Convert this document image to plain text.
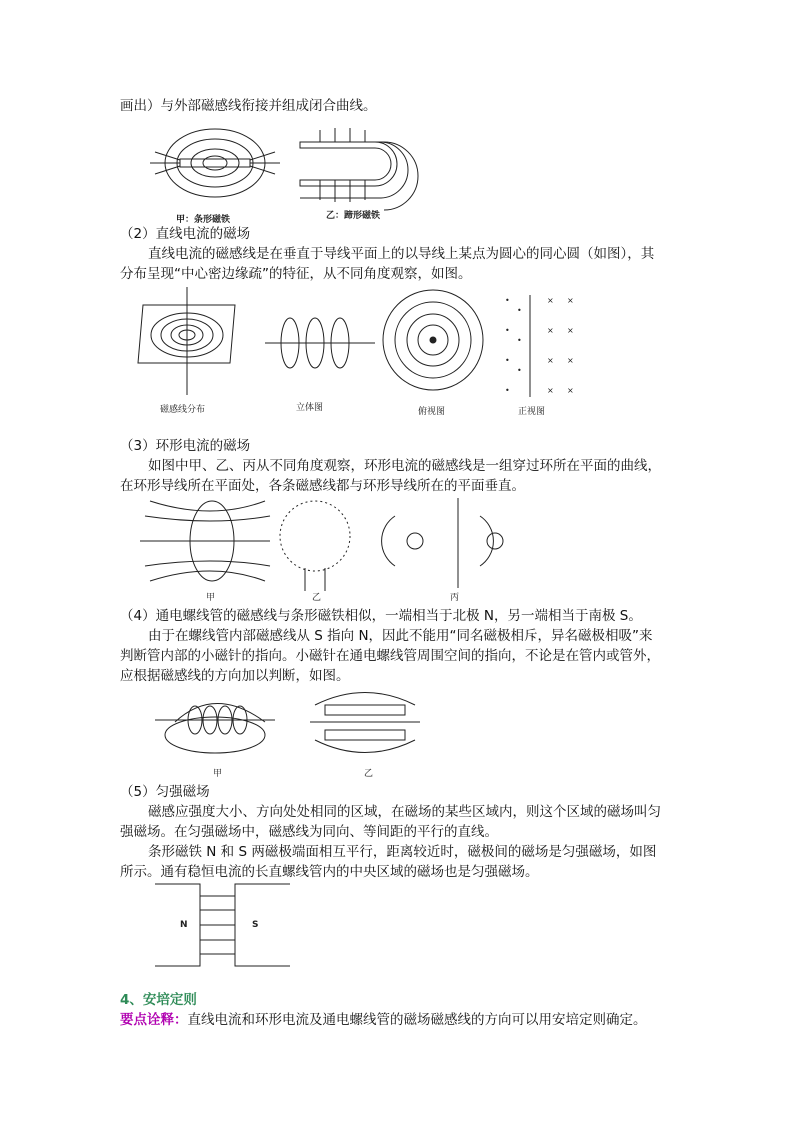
画出）与外部磁感线衔接并组成闭合曲线。
甲：条形磁铁	乙：蹄形磁铁
（2）直线电流的磁场
直线电流的磁感线是在垂直于导线平面上的以导线上某点为圆心的同心圆（如图），其
分布呈现“中心密边缘疏”的特征，从不同角度观察，如图。
•
•
•
•
•
•
•
×
×
×
×
×
×
×
×
磁感线分布	立体图	俯视图	正视图
（3）环形电流的磁场
如图中甲、乙、丙从不同角度观察，环形电流的磁感线是一组穿过环所在平面的曲线，
在环形导线所在平面处，各条磁感线都与环形导线所在的平面垂直。
甲	乙	丙
（4）通电螺线管的磁感线与条形磁铁相似，一端相当于北极 N，另一端相当于南极 S。
由于在螺线管内部磁感线从 S 指向 N，因此不能用“同名磁极相斥，异名磁极相吸”来
判断管内部的小磁针的指向。小磁针在通电螺线管周围空间的指向，不论是在管内或管外，
应根据磁感线的方向加以判断，如图。
甲	乙
（5）匀强磁场
磁感应强度大小、方向处处相同的区域，在磁场的某些区域内，则这个区域的磁场叫匀
强磁场。在匀强磁场中，磁感线为同向、等间距的平行的直线。
条形磁铁 N 和 S 两磁极端面相互平行，距离较近时，磁极间的磁场是匀强磁场，如图
所示。通有稳恒电流的长直螺线管内的中央区域的磁场也是匀强磁场。
N	S
4、安培定则
要点诠释：直线电流和环形电流及通电螺线管的磁场磁感线的方向可以用安培定则确定。
